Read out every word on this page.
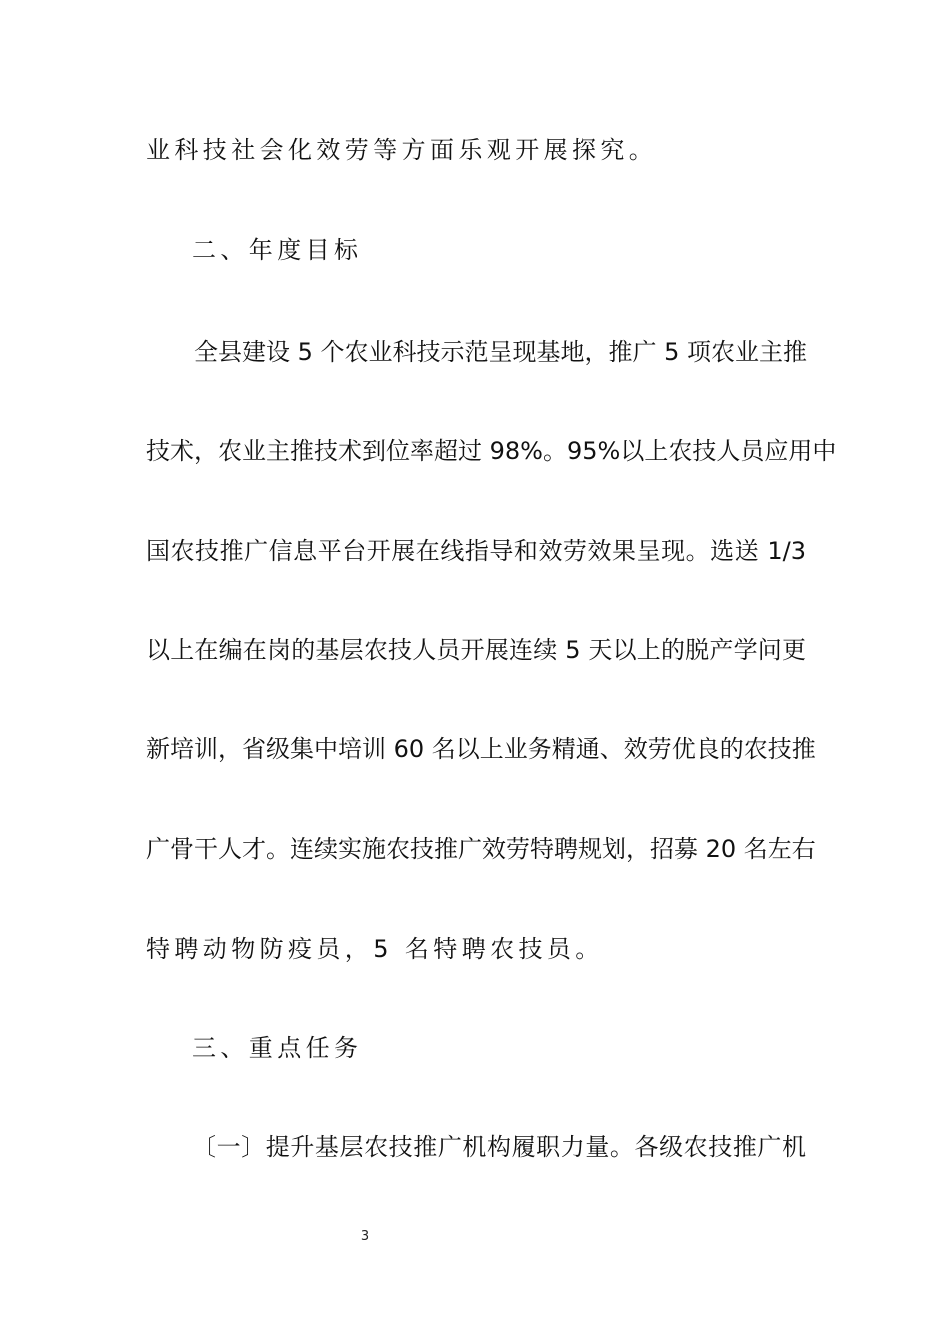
业科技社会化效劳等方面乐观开展探究。
二、年度目标
全县建设 5 个农业科技示范呈现基地，推广 5 项农业主推
技术，农业主推技术到位率超过 98%。95%以上农技人员应用中
国农技推广信息平台开展在线指导和效劳效果呈现。选送 1/3
以上在编在岗的基层农技人员开展连续 5 天以上的脱产学问更
新培训，省级集中培训 60 名以上业务精通、效劳优良的农技推
广骨干人才。连续实施农技推广效劳特聘规划，招募 20 名左右
特聘动物防疫员，5 名特聘农技员。
三、重点任务
〔一〕提升基层农技推广机构履职力量。各级农技推广机
3
